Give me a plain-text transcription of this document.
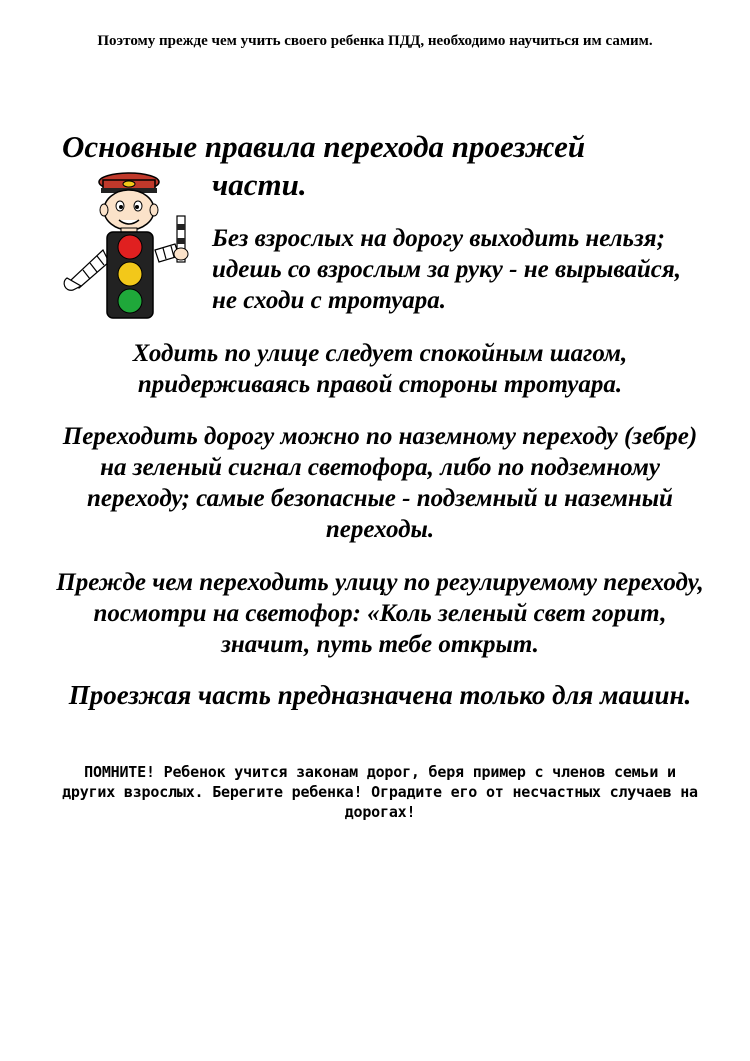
Поэтому прежде чем учить своего ребенка ПДД, необходимо научиться им самим.

Основные правила перехода проезжей
части.

Без взрослых на дорогу выходить нельзя; идешь со взрослым за руку - не вырывайся, не сходи с тротуара.

Ходить по улице следует спокойным шагом, придерживаясь правой стороны тротуара.

Переходить дорогу можно по наземному переходу (зебре) на зеленый сигнал светофора, либо по подземному переходу; самые безопасные - подземный и наземный переходы.

Прежде чем переходить улицу по регулируемому переходу, посмотри на светофор: «Коль зеленый свет горит, значит, путь тебе открыт.

Проезжая часть предназначена только для машин.

ПОМНИТЕ! Ребенок учится законам дорог, беря пример с членов семьи и других взрослых. Берегите ребенка! Оградите его от несчастных случаев на дорогах!
